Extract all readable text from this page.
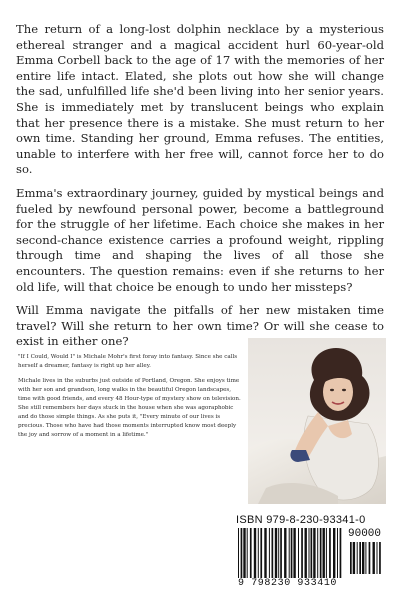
The return of a long-lost dolphin necklace by a mysterious ethereal stranger and a magical accident hurl 60-year-old Emma Corbell back to the age of 17 with the memories of her entire life intact. Elated, she plots out how she will change the sad, unfulfilled life she'd been living into her senior years. She is immediately met by translucent beings who explain that her presence there is a mistake. She must return to her own time. Standing her ground, Emma refuses. The entities, unable to interfere with her free will, cannot force her to do so.

Emma's extraordinary journey, guided by mystical beings and fueled by newfound personal power, become a battleground for the struggle of her lifetime. Each choice she makes in her second-chance existence carries a profound weight, rippling through time and shaping the lives of all those she encounters. The question remains: even if she returns to her old life, will that choice be enough to undo her missteps?

Will Emma navigate the pitfalls of her new mistaken time travel? Will she return to her own time? Or will she cease to exist in either one?

"If I Could, Would I" is Michale Mohr's first foray into fantasy. Since she calls herself a dreamer, fantasy is right up her alley.

Michale lives in the suburbs just outside of Portland, Oregon. She enjoys time with her son and grandson, long walks in the beautiful Oregon landscapes, time with good friends, and every 48 Hour-type of mystery show on television. She still remembers her days stuck in the house when she was agoraphobic and do those simple things. As she puts it, "Every minute of our lives is precious. Those who have had those moments interrupted know most deeply the joy and sorrow of a moment in a lifetime."

ISBN 979-8-230-93341-0
90000
9 798230 933410
